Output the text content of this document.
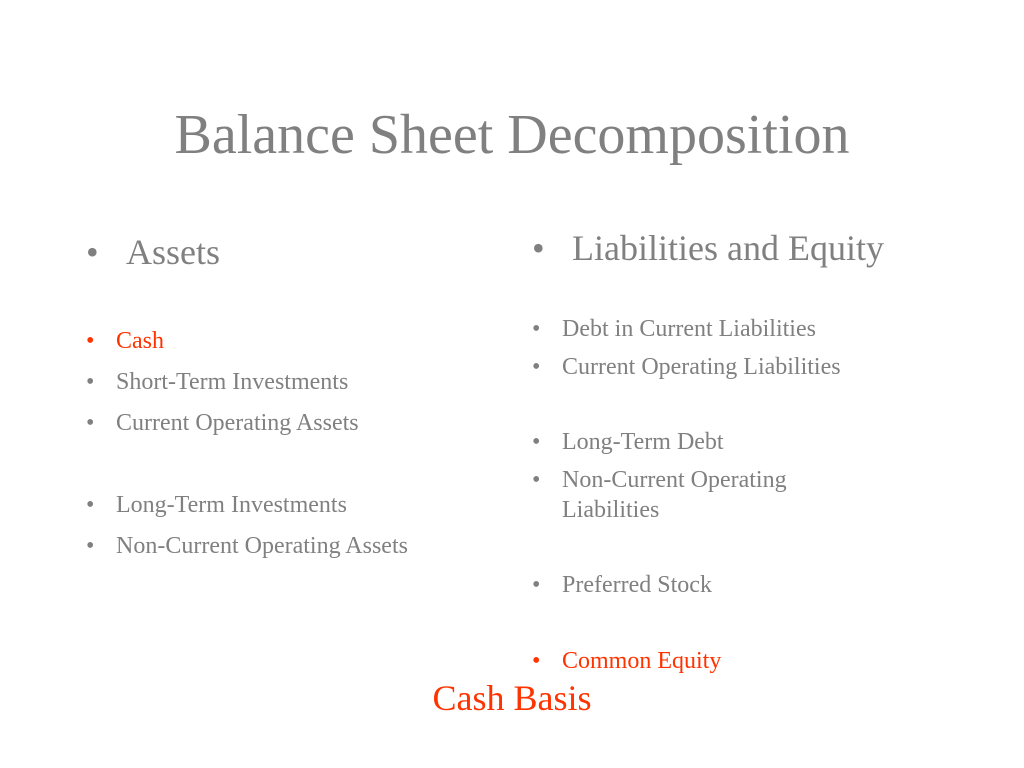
Balance Sheet Decomposition
• Assets
• Cash
• Short-Term Investments
• Current Operating Assets
• Long-Term Investments
• Non-Current Operating Assets
• Liabilities and Equity
• Debt in Current Liabilities
• Current Operating Liabilities
• Long-Term Debt
• Non-Current Operating Liabilities
• Preferred Stock
• Common Equity
Cash Basis
